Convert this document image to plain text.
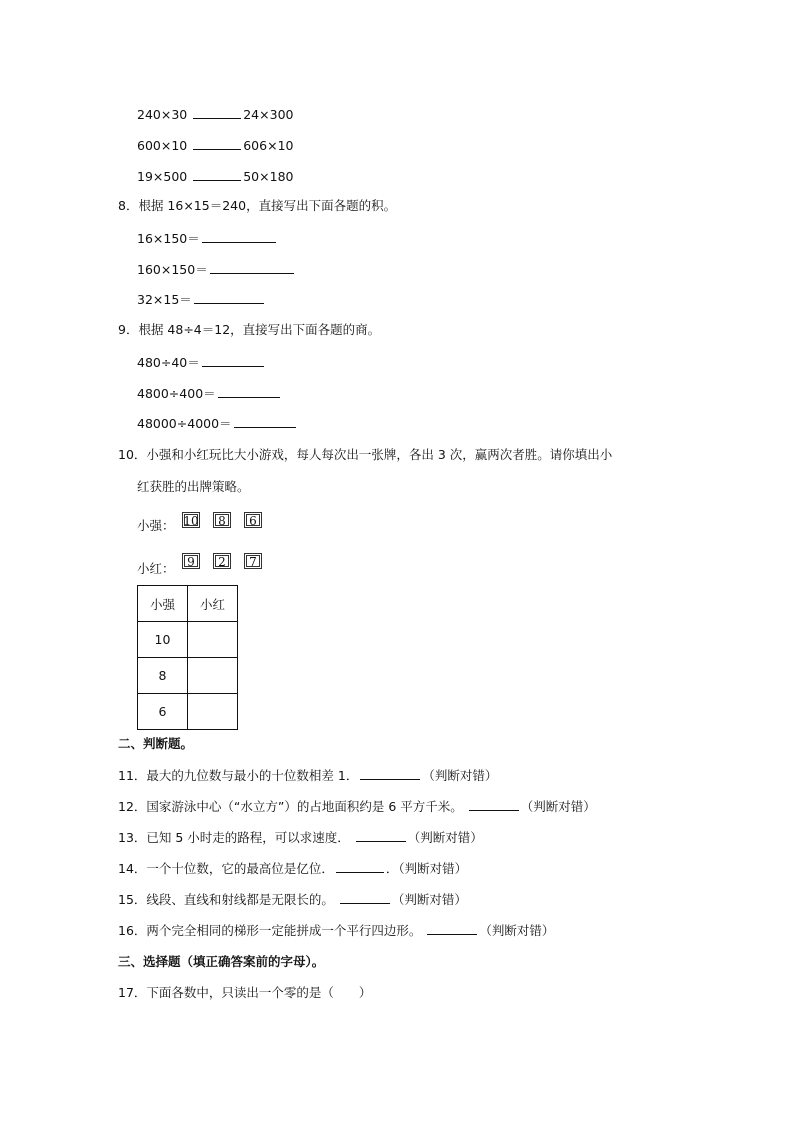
240×30	24×300
600×10	606×10
19×500	50×180
8．根据 16×15＝240，直接写出下面各题的积。
16×150＝
160×150＝
32×15＝
9．根据 48÷4＝12，直接写出下面各题的商。
480÷40＝
4800÷400＝
48000÷4000＝
10．小强和小红玩比大小游戏，每人每次出一张牌，各出 3 次，赢两次者胜。请你填出小
红获胜的出牌策略。
小强： 10	8	6
小红：	9	2	7
小强	小红
10	
8	
6	
二、判断题。
11．最大的九位数与最小的十位数相差 1．	（判断对错）
12．国家游泳中心（“水立方”）的占地面积约是 6 平方千米。	（判断对错）
13．已知 5 小时走的路程，可以求速度．	（判断对错）
14．一个十位数，它的最高位是亿位．	．（判断对错）
15．线段、直线和射线都是无限长的。	（判断对错）
16．两个完全相同的梯形一定能拼成一个平行四边形。	（判断对错）
三、选择题（填正确答案前的字母）。
17．下面各数中，只读出一个零的是（　　）
